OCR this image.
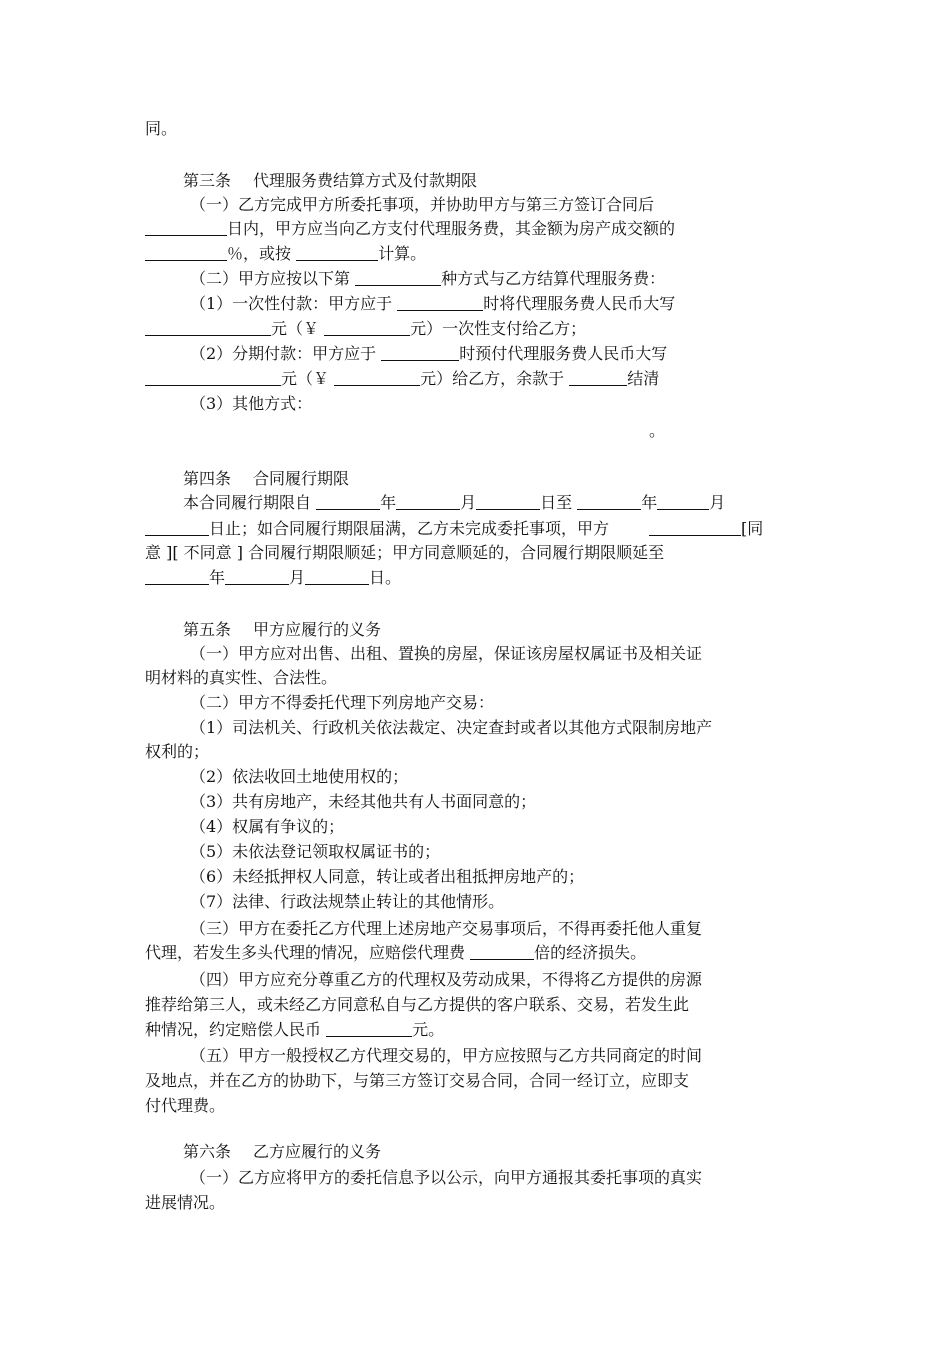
同。
第三条 代理服务费结算方式及付款期限
（一）乙方完成甲方所委托事项，并协助甲方与第三方签订合同后
日内，甲方应当向乙方支付代理服务费，其金额为房产成交额的
％，或按	计算。
（二）甲方应按以下第	种方式与乙方结算代理服务费：
（1）一次性付款：甲方应于	时将代理服务费人民币大写
元（￥	元）一次性支付给乙方；
（2）分期付款：甲方应于	时预付代理服务费人民币大写
元（￥	元）给乙方，余款于	结清
（3）其他方式：
。
第四条 合同履行期限
本合同履行期限自	年	月	日至	年	月
日止；如合同履行期限届满，乙方未完成委托事项，甲方	[同
意 ][ 不同意 ] 合同履行期限顺延；甲方同意顺延的，合同履行期限顺延至
年	月	日。
第五条 甲方应履行的义务
（一）甲方应对出售、出租、置换的房屋，保证该房屋权属证书及相关证
明材料的真实性、合法性。
（二）甲方不得委托代理下列房地产交易：
（1）司法机关、行政机关依法裁定、决定查封或者以其他方式限制房地产
权利的；
（2）依法收回土地使用权的；
（3）共有房地产，未经其他共有人书面同意的；
（4）权属有争议的；
（5）未依法登记领取权属证书的；
（6）未经抵押权人同意，转让或者出租抵押房地产的；
（7）法律、行政法规禁止转让的其他情形。
（三）甲方在委托乙方代理上述房地产交易事项后，不得再委托他人重复
代理，若发生多头代理的情况，应赔偿代理费	倍的经济损失。
（四）甲方应充分尊重乙方的代理权及劳动成果，不得将乙方提供的房源
推荐给第三人，或未经乙方同意私自与乙方提供的客户联系、交易，若发生此
种情况，约定赔偿人民币	元。
（五）甲方一般授权乙方代理交易的，甲方应按照与乙方共同商定的时间
及地点，并在乙方的协助下，与第三方签订交易合同，合同一经订立，应即支
付代理费。
第六条 乙方应履行的义务
（一）乙方应将甲方的委托信息予以公示，向甲方通报其委托事项的真实
进展情况。
